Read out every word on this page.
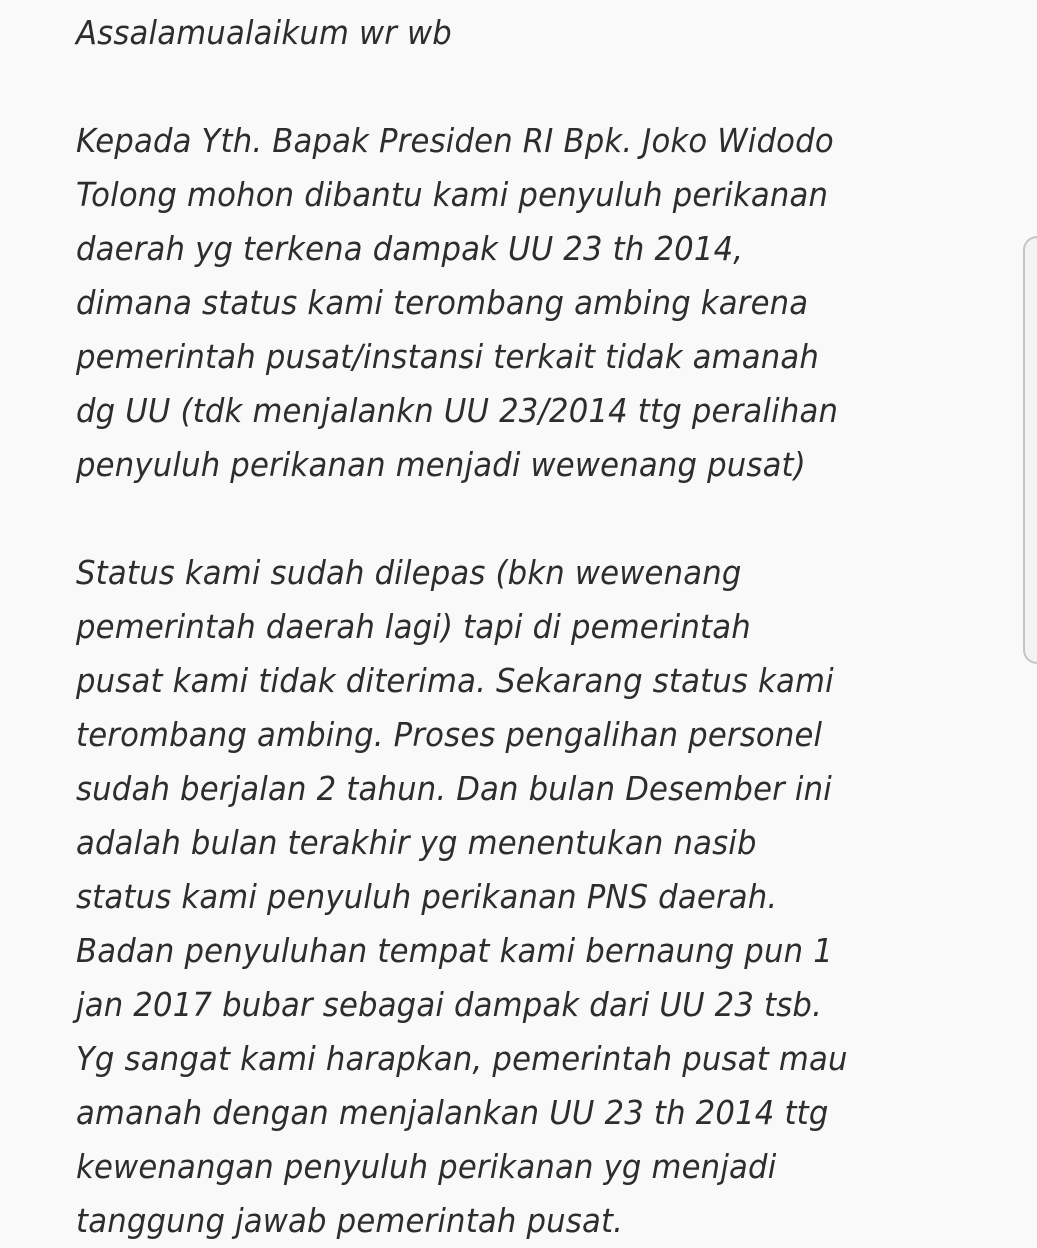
Assalamualaikum wr wb
Kepada Yth. Bapak Presiden RI Bpk. Joko Widodo
Tolong mohon dibantu kami penyuluh perikanan
daerah yg terkena dampak UU 23 th 2014,
dimana status kami terombang ambing karena
pemerintah pusat/instansi terkait tidak amanah
dg UU (tdk menjalankn UU 23/2014 ttg peralihan
penyuluh perikanan menjadi wewenang pusat)
Status kami sudah dilepas (bkn wewenang
pemerintah daerah lagi) tapi di pemerintah
pusat kami tidak diterima. Sekarang status kami
terombang ambing. Proses pengalihan personel
sudah berjalan 2 tahun. Dan bulan Desember ini
adalah bulan terakhir yg menentukan nasib
status kami penyuluh perikanan PNS daerah.
Badan penyuluhan tempat kami bernaung pun 1
jan 2017 bubar sebagai dampak dari UU 23 tsb.
Yg sangat kami harapkan, pemerintah pusat mau
amanah dengan menjalankan UU 23 th 2014 ttg
kewenangan penyuluh perikanan yg menjadi
tanggung jawab pemerintah pusat.
